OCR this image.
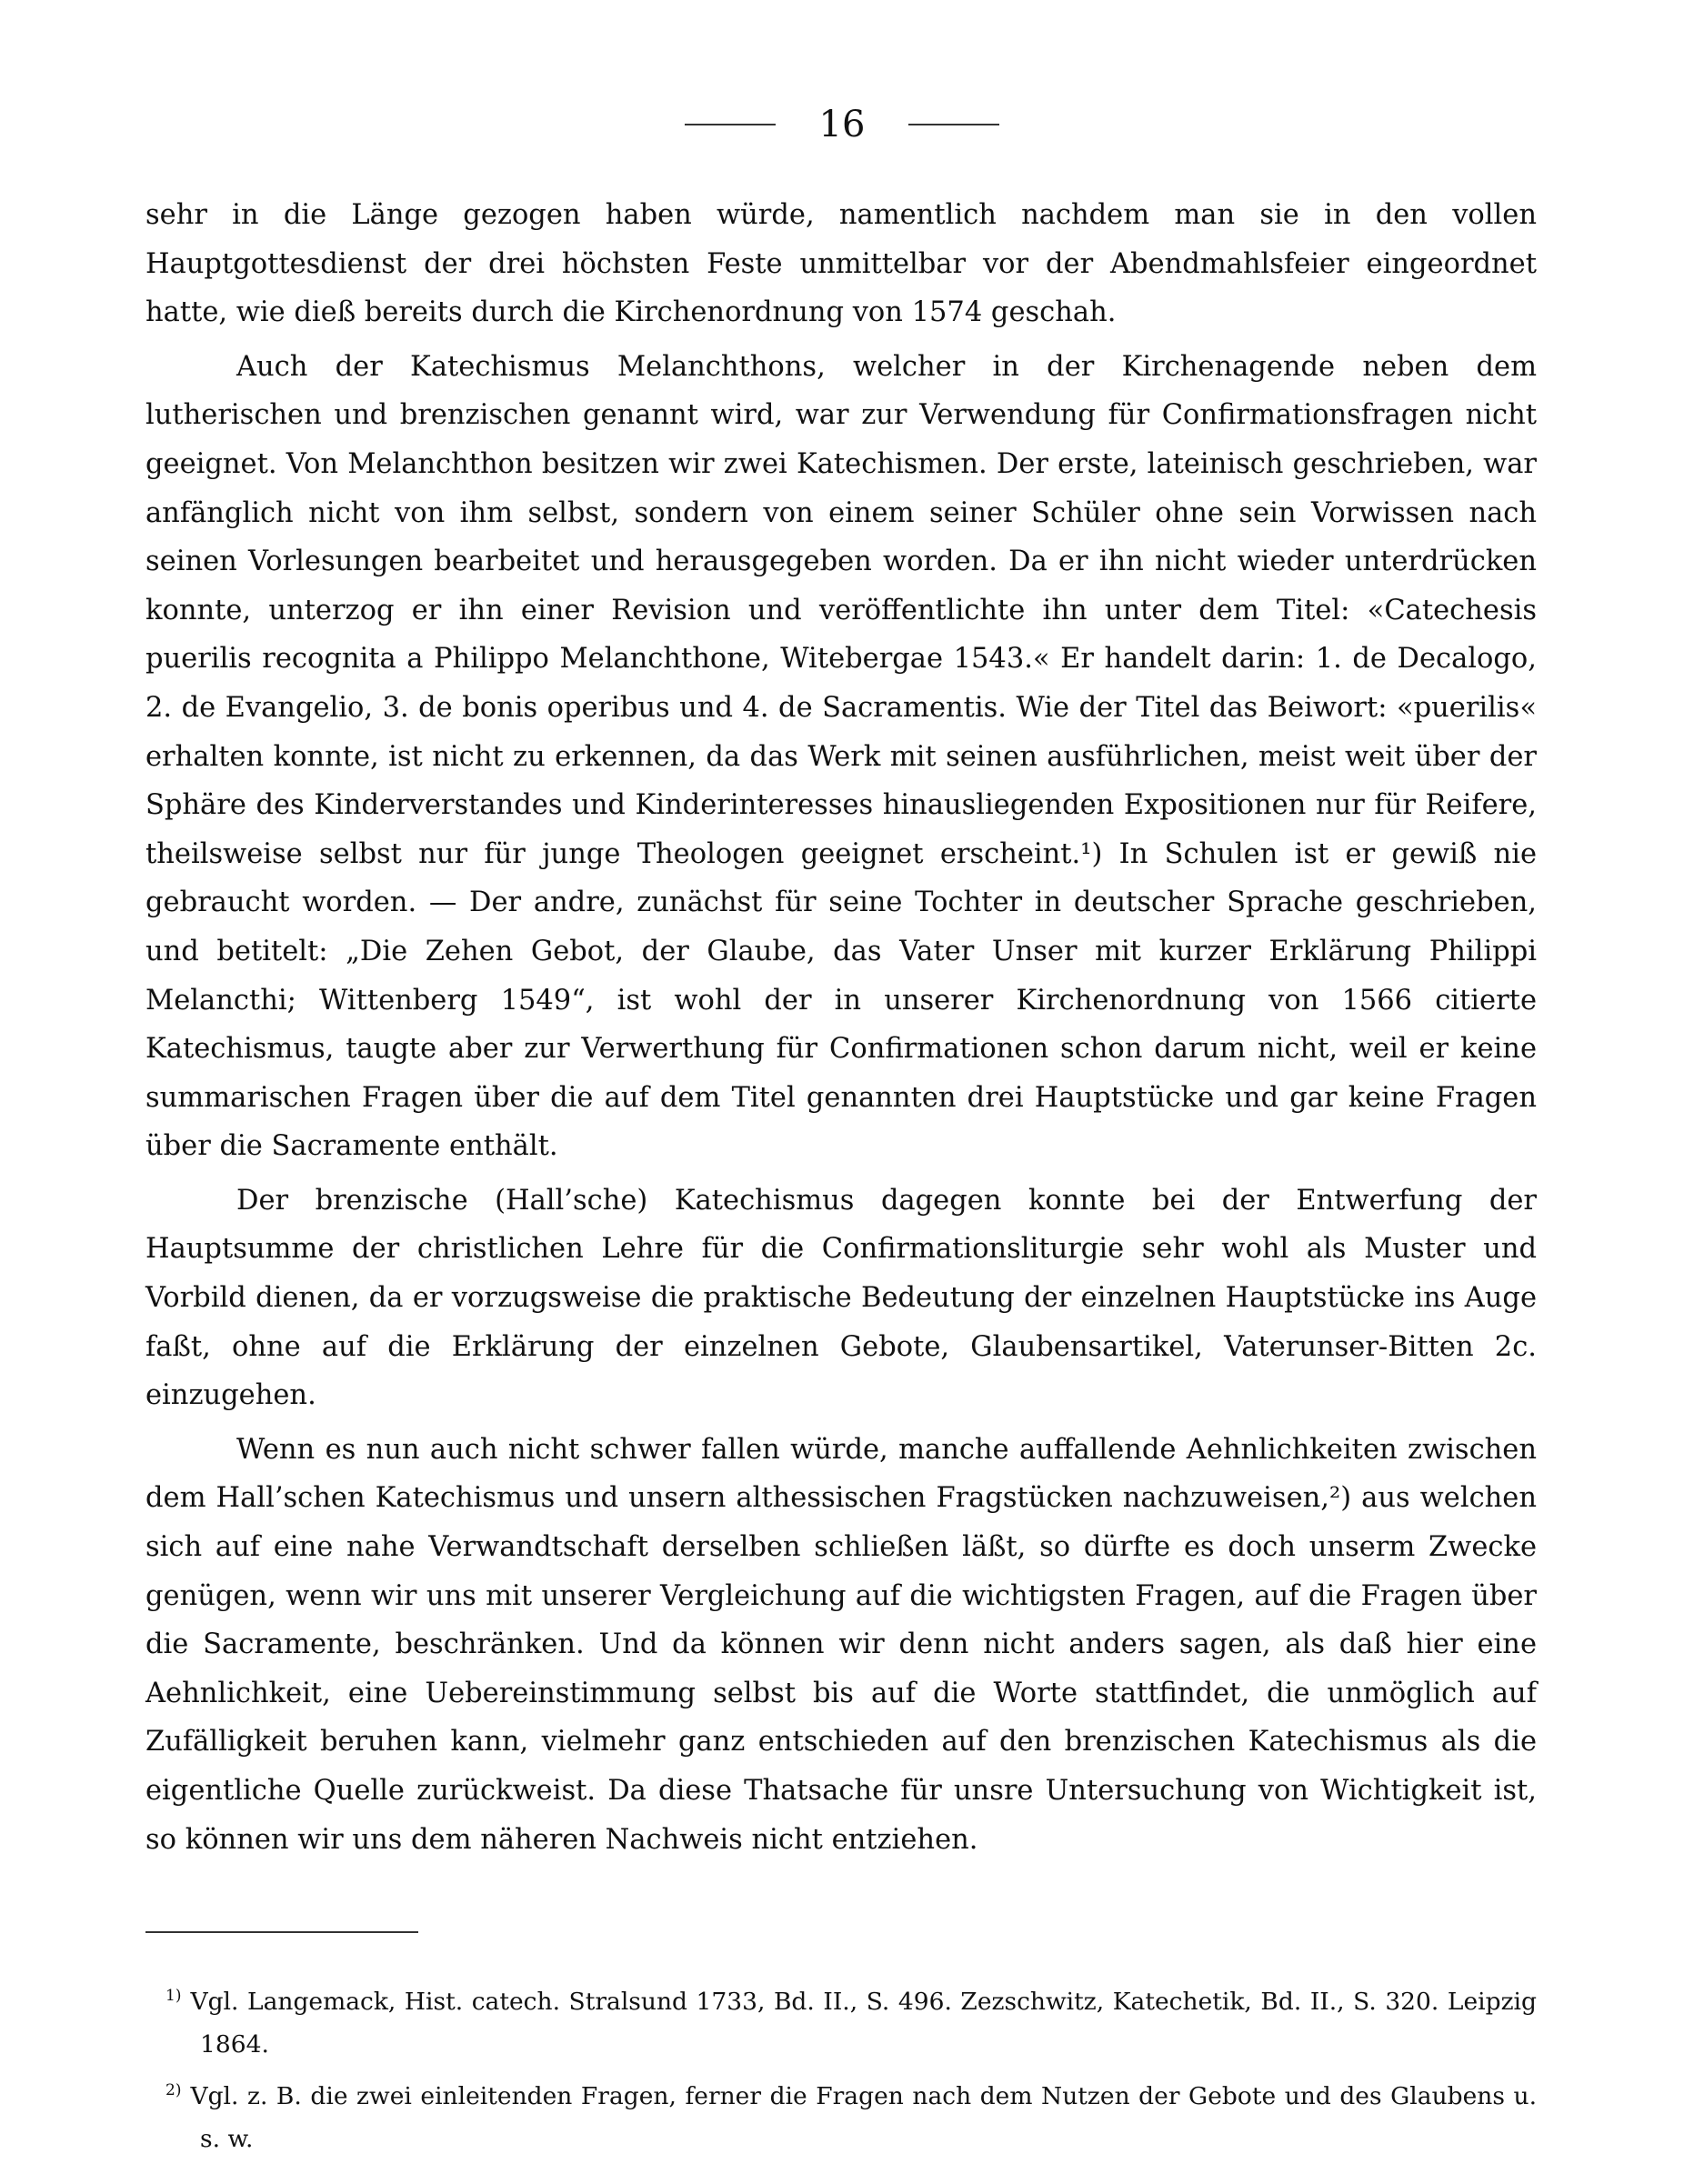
16

sehr in die Länge gezogen haben würde, namentlich nachdem man sie in den vollen Hauptgottesdienst der drei höchsten Feste unmittelbar vor der Abendmahlsfeier eingeordnet hatte, wie dieß bereits durch die Kirchenordnung von 1574 geschah.

Auch der Katechismus Melanchthons, welcher in der Kirchenagende neben dem lutherischen und brenzischen genannt wird, war zur Verwendung für Confirmationsfragen nicht geeignet. Von Melanchthon besitzen wir zwei Katechismen. Der erste, lateinisch geschrieben, war anfänglich nicht von ihm selbst, sondern von einem seiner Schüler ohne sein Vorwissen nach seinen Vorlesungen bearbeitet und herausgegeben worden. Da er ihn nicht wieder unterdrücken konnte, unterzog er ihn einer Revision und veröffentlichte ihn unter dem Titel: «Catechesis puerilis recognita a Philippo Melanchthone, Witebergae 1543.« Er handelt darin: 1. de Decalogo, 2. de Evangelio, 3. de bonis operibus und 4. de Sacramentis. Wie der Titel das Beiwort: «puerilis« erhalten konnte, ist nicht zu erkennen, da das Werk mit seinen ausführlichen, meist weit über der Sphäre des Kinderverstandes und Kinderinteresses hinausliegenden Expositionen nur für Reifere, theilsweise selbst nur für junge Theologen geeignet erscheint.¹) In Schulen ist er gewiß nie gebraucht worden. — Der andre, zunächst für seine Tochter in deutscher Sprache geschrieben, und betitelt: „Die Zehen Gebot, der Glaube, das Vater Unser mit kurzer Erklärung Philippi Melancthi; Wittenberg 1549“, ist wohl der in unserer Kirchenordnung von 1566 citierte Katechismus, taugte aber zur Verwerthung für Confirmationen schon darum nicht, weil er keine summarischen Fragen über die auf dem Titel genannten drei Hauptstücke und gar keine Fragen über die Sacramente enthält.

Der brenzische (Hall’sche) Katechismus dagegen konnte bei der Entwerfung der Hauptsumme der christlichen Lehre für die Confirmationsliturgie sehr wohl als Muster und Vorbild dienen, da er vorzugsweise die praktische Bedeutung der einzelnen Hauptstücke ins Auge faßt, ohne auf die Erklärung der einzelnen Gebote, Glaubensartikel, Vaterunser-Bitten 2c. einzugehen.

Wenn es nun auch nicht schwer fallen würde, manche auffallende Aehnlichkeiten zwischen dem Hall’schen Katechismus und unsern althessischen Fragstücken nachzuweisen,²) aus welchen sich auf eine nahe Verwandtschaft derselben schließen läßt, so dürfte es doch unserm Zwecke genügen, wenn wir uns mit unserer Vergleichung auf die wichtigsten Fragen, auf die Fragen über die Sacramente, beschränken. Und da können wir denn nicht anders sagen, als daß hier eine Aehnlichkeit, eine Uebereinstimmung selbst bis auf die Worte stattfindet, die unmöglich auf Zufälligkeit beruhen kann, vielmehr ganz entschieden auf den brenzischen Katechismus als die eigentliche Quelle zurückweist. Da diese Thatsache für unsre Untersuchung von Wichtigkeit ist, so können wir uns dem näheren Nachweis nicht entziehen.

$^{1)}$ Vgl. Langemack, Hist. catech. Stralsund 1733, Bd. II., S. 496. Zezschwitz, Katechetik, Bd. II., S. 320. Leipzig 1864.

$^{2)}$ Vgl. z. B. die zwei einleitenden Fragen, ferner die Fragen nach dem Nutzen der Gebote und des Glaubens u. s. w.
